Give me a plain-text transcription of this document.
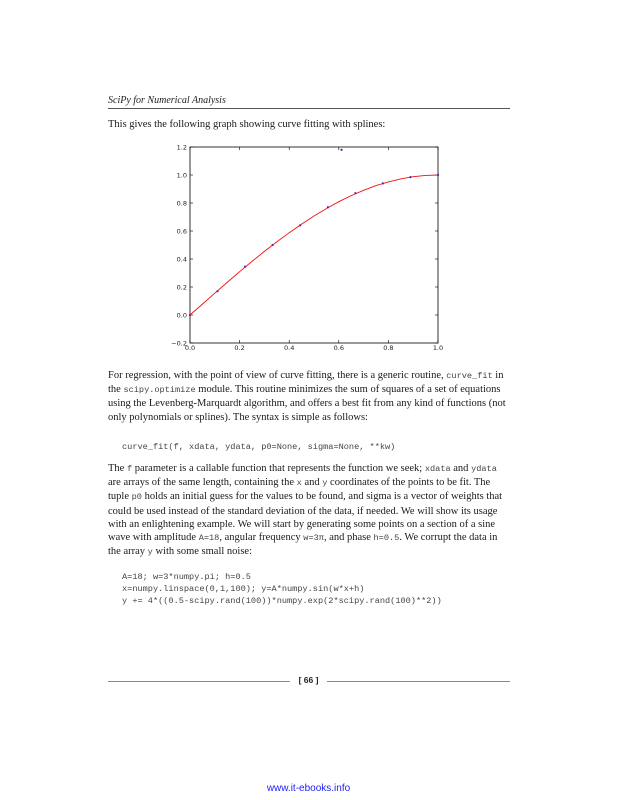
SciPy for Numerical Analysis

This gives the following graph showing curve fitting with splines:

0.0	0.2	0.4	0.6	0.8	1.0
−0.2
0.0
0.2
0.4
0.6
0.8
1.0
1.2

For regression, with the point of view of curve fitting, there is a generic routine, curve_fit in the scipy.optimize module. This routine minimizes the sum of squares of a set of equations using the Levenberg-Marquardt algorithm, and offers a best fit from any kind of functions (not only polynomials or splines). The syntax is simple as follows:

curve_fit(f, xdata, ydata, p0=None, sigma=None, **kw)

The f parameter is a callable function that represents the function we seek; xdata and ydata are arrays of the same length, containing the x and y coordinates of the points to be fit. The tuple p0 holds an initial guess for the values to be found, and sigma is a vector of weights that could be used instead of the standard deviation of the data, if needed. We will show its usage with an enlightening example. We will start by generating some points on a section of a sine wave with amplitude A=18, angular frequency w=3π, and phase h=0.5. We corrupt the data in the array y with some small noise:

A=18; w=3*numpy.pi; h=0.5
x=numpy.linspace(0,1,100); y=A*numpy.sin(w*x+h)
y += 4*((0.5-scipy.rand(100))*numpy.exp(2*scipy.rand(100)**2))
[ 66 ]
www.it-ebooks.info
